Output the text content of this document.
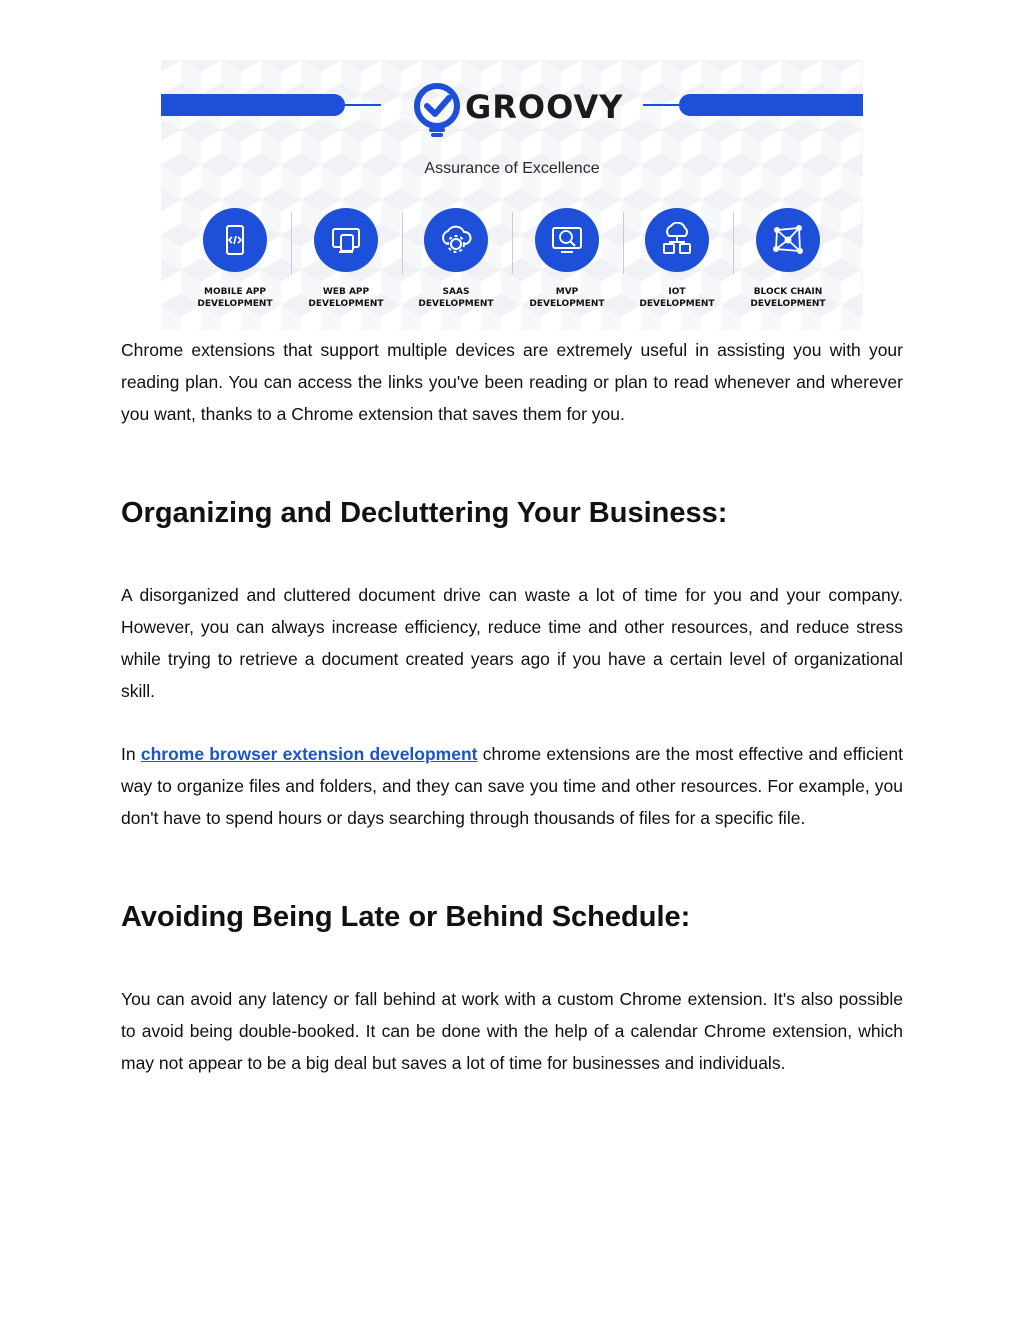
GROOVY
Assurance of Excellence
MOBILE APP
DEVELOPMENT
WEB APP
DEVELOPMENT
SAAS
DEVELOPMENT
MVP
DEVELOPMENT
IOT
DEVELOPMENT
BLOCK CHAIN
DEVELOPMENT

Chrome extensions that support multiple devices are extremely useful in assisting you with your reading plan. You can access the links you've been reading or plan to read whenever and wherever you want, thanks to a Chrome extension that saves them for you.

Organizing and Decluttering Your Business:

A disorganized and cluttered document drive can waste a lot of time for you and your company. However, you can always increase efficiency, reduce time and other resources, and reduce stress while trying to retrieve a document created years ago if you have a certain level of organizational skill.

In chrome browser extension development chrome extensions are the most effective and efficient way to organize files and folders, and they can save you time and other resources. For example, you don't have to spend hours or days searching through thousands of files for a specific file.

Avoiding Being Late or Behind Schedule:

You can avoid any latency or fall behind at work with a custom Chrome extension. It's also possible to avoid being double-booked. It can be done with the help of a calendar Chrome extension, which may not appear to be a big deal but saves a lot of time for businesses and individuals.
